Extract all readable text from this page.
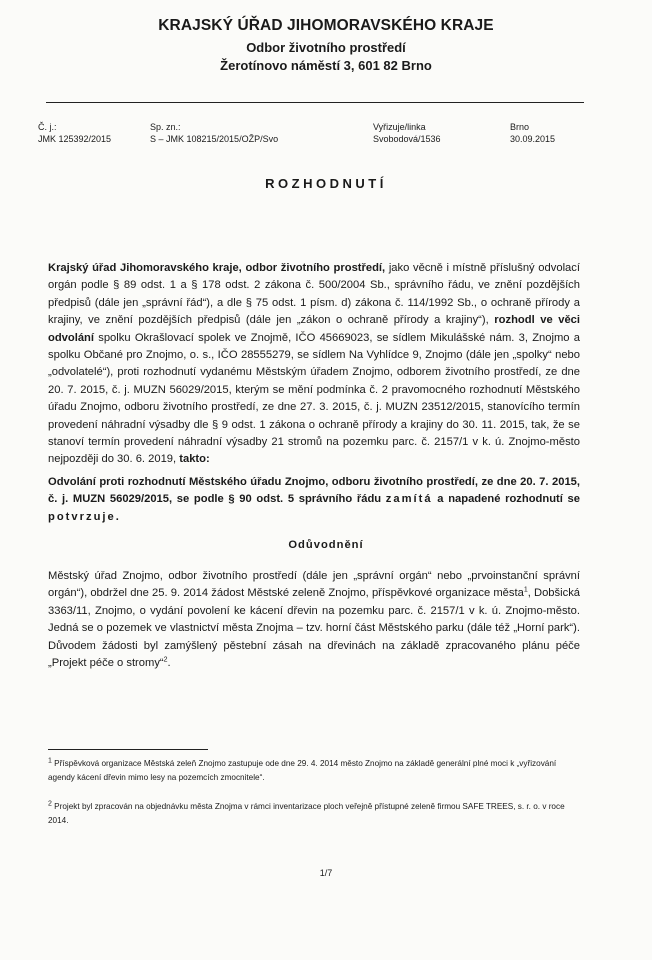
KRAJSKÝ ÚŘAD JIHOMORAVSKÉHO KRAJE
Odbor životního prostředí
Žerotínovo náměstí 3, 601 82 Brno
Č. j.:
JMK 125392/2015
Sp. zn.:
S – JMK 108215/2015/OŽP/Svo
Vyřizuje/linka
Svobodová/1536
Brno
30.09.2015
ROZHODNUTÍ
Krajský úřad Jihomoravského kraje, odbor životního prostředí, jako věcně i místně příslušný odvolací orgán podle § 89 odst. 1 a § 178 odst. 2 zákona č. 500/2004 Sb., správního řádu, ve znění pozdějších předpisů (dále jen „správní řád“), a dle § 75 odst. 1 písm. d) zákona č. 114/1992 Sb., o ochraně přírody a krajiny, ve znění pozdějších předpisů (dále jen „zákon o ochraně přírody a krajiny“), rozhodl ve věci odvolání spolku Okrašlovací spolek ve Znojmě, IČO 45669023, se sídlem Mikulášské nám. 3, Znojmo a spolku Občané pro Znojmo, o. s., IČO 28555279, se sídlem Na Vyhlídce 9, Znojmo (dále jen „spolky“ nebo „odvolatelé“), proti rozhodnutí vydanému Městským úřadem Znojmo, odborem životního prostředí, ze dne 20. 7. 2015, č. j. MUZN 56029/2015, kterým se mění podmínka č. 2 pravomocného rozhodnutí Městského úřadu Znojmo, odboru životního prostředí, ze dne 27. 3. 2015, č. j. MUZN 23512/2015, stanovícího termín provedení náhradní výsadby dle § 9 odst. 1 zákona o ochraně přírody a krajiny do 30. 11. 2015, tak, že se stanoví termín provedení náhradní výsadby 21 stromů na pozemku parc. č. 2157/1 v k. ú. Znojmo-město nejpozději do 30. 6. 2019, takto:
Odvolání proti rozhodnutí Městského úřadu Znojmo, odboru životního prostředí, ze dne 20. 7. 2015, č. j. MUZN 56029/2015, se podle § 90 odst. 5 správního řádu zamítá a napadené rozhodnutí se potvrzuje.
Odůvodnění
Městský úřad Znojmo, odbor životního prostředí (dále jen „správní orgán“ nebo „prvoinstanční správní orgán“), obdržel dne 25. 9. 2014 žádost Městské zeleně Znojmo, příspěvkové organizace města$^1$, Dobšická 3363/11, Znojmo, o vydání povolení ke kácení dřevin na pozemku parc. č. 2157/1 v k. ú. Znojmo-město. Jedná se o pozemek ve vlastnictví města Znojma – tzv. horní část Městského parku (dále též „Horní park“). Důvodem žádosti byl zamýšlený pěstební zásah na dřevinách na základě zpracovaného plánu péče „Projekt péče o stromy“$^2$.
$^1$ Příspěvková organizace Městská zeleň Znojmo zastupuje ode dne 29. 4. 2014 město Znojmo na základě generální plné moci k „vyřizování agendy kácení dřevin mimo lesy na pozemcích zmocnitele“.
$^2$ Projekt byl zpracován na objednávku města Znojma v rámci inventarizace ploch veřejně přístupné zeleně firmou SAFE TREES, s. r. o. v roce 2014.
1/7
